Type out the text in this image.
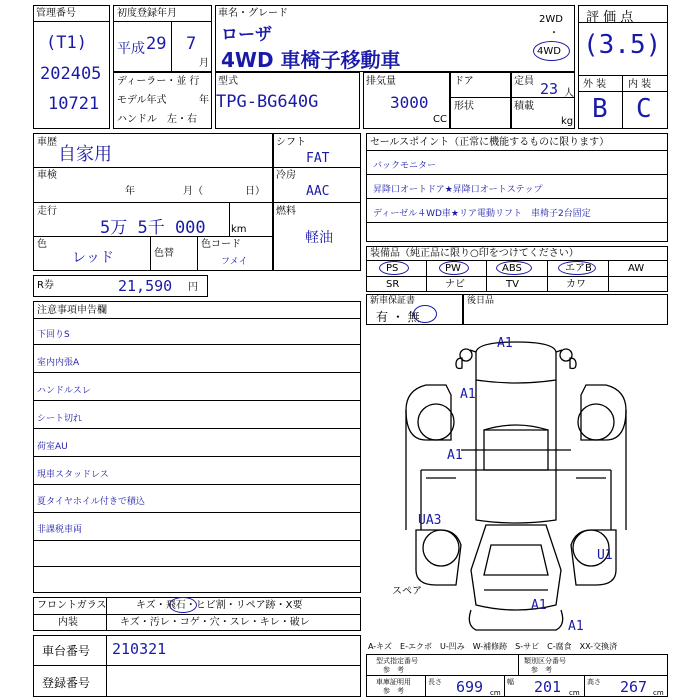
管理番号
(T1)
202405
10721
初度登録年月
平成 29 7
月
車名・グレード
ローザ
4WD 車椅子移動車
2WD
・
4WD
評 価 点
(3.5)
外 装 内 装
B C
ディーラー・並 行
モデル年式	年
ハンドル　左・右
型式
TPG-BG640G
排気量
3000
CC
ドア
形状
定員 23 人
積載
kg
車歴
自家用
車検
年	月（	日）
走行
5万 5千 000	km
色
レッド	色替
色コード
フメイ
シフト
FAT
冷房
AAC
燃料
軽油
R券	21,590 円
注意事項申告欄
下回りS
室内内張A
ハンドルスレ
シート切れ
荷室AU
現車スタッドレス
夏タイヤホイル付きで積込
非課税車両
フロントガラス	キズ・飛石・ヒビ割・リペア跡・X要
内装	キズ・汚レ・コゲ・穴・スレ・キレ・破レ
車台番号 210321
登録番号
セールスポイント（正常に機能するものに限ります）
バックモニター
昇降口オートドア★昇降口オートステップ
ディーゼル４WD車★リア電動リフト　車椅子2台固定
装備品（純正品に限り○印をつけてください）
PS	PW	ABS	エアB	AW
SR	ナビ	TV	カワ
新車保証書
有 ・ 無
後日品
A1
A1
A1
UA3
U1
A1
A1
スペア
A-キズ　E-エクボ　U-凹み　W-補修跡　S-サビ　C-腐食　XX-交換済
型式指定番号
参　考
類別区分番号
参　考
車庫証明用
参　考
長さ 699 cm
幅 201 cm
高さ 267 cm
